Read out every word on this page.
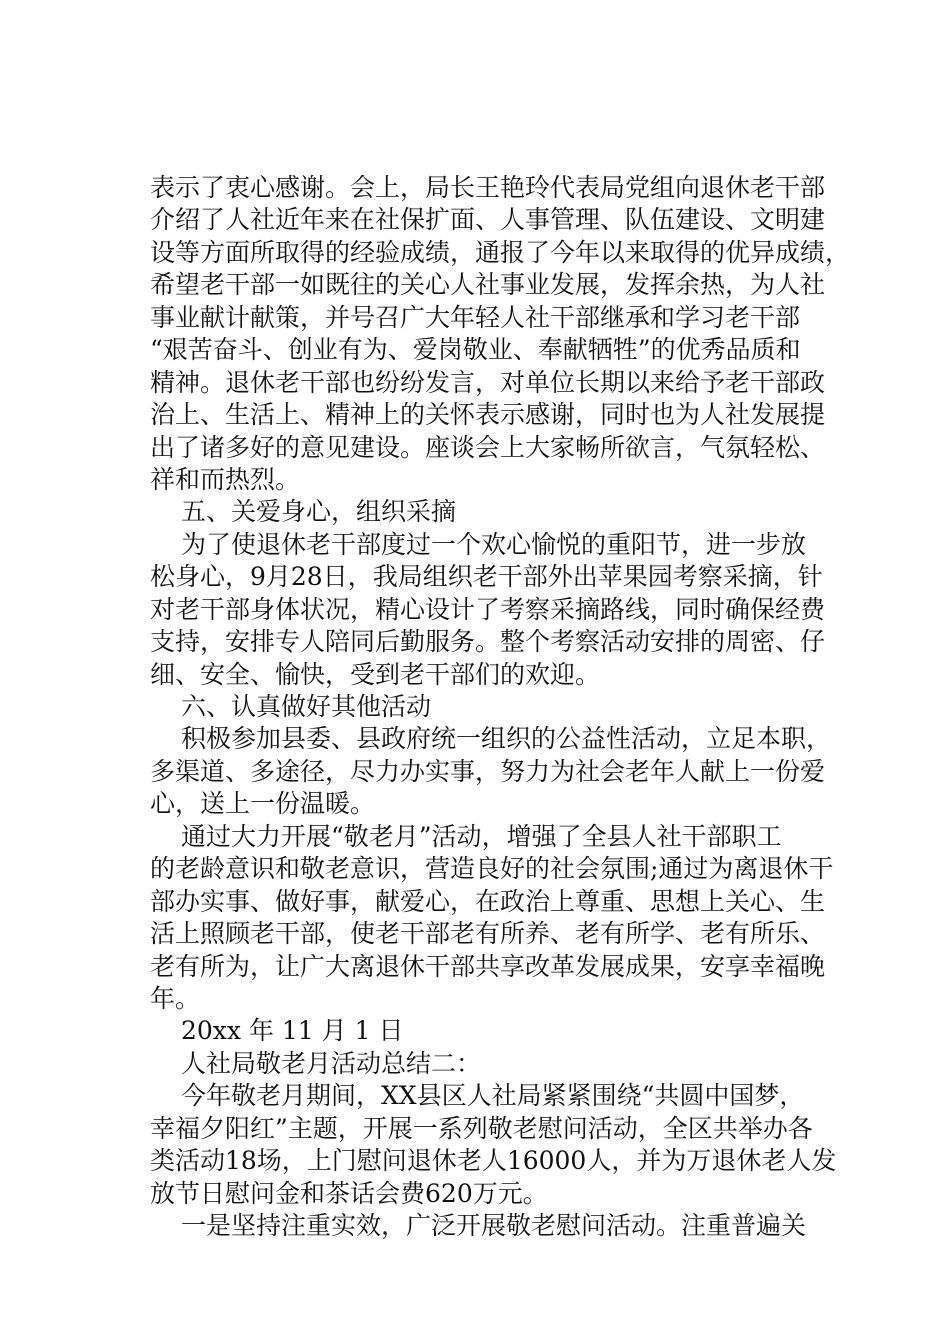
表示了衷心感谢。会上，局长王艳玲代表局党组向退休老干部
介绍了人社近年来在社保扩面、人事管理、队伍建设、文明建
设等方面所取得的经验成绩，通报了今年以来取得的优异成绩，
希望老干部一如既往的关心人社事业发展，发挥余热，为人社
事业献计献策，并号召广大年轻人社干部继承和学习老干部
“艰苦奋斗、创业有为、爱岗敬业、奉献牺牲”的优秀品质和
精神。退休老干部也纷纷发言，对单位长期以来给予老干部政
治上、生活上、精神上的关怀表示感谢，同时也为人社发展提
出了诸多好的意见建设。座谈会上大家畅所欲言，气氛轻松、
祥和而热烈。
五、关爱身心，组织采摘
为了使退休老干部度过一个欢心愉悦的重阳节，进一步放
松身心，9月28日，我局组织老干部外出苹果园考察采摘，针
对老干部身体状况，精心设计了考察采摘路线，同时确保经费
支持，安排专人陪同后勤服务。整个考察活动安排的周密、仔
细、安全、愉快，受到老干部们的欢迎。
六、认真做好其他活动
积极参加县委、县政府统一组织的公益性活动，立足本职，
多渠道、多途径，尽力办实事，努力为社会老年人献上一份爱
心，送上一份温暖。
通过大力开展“敬老月”活动，增强了全县人社干部职工
的老龄意识和敬老意识，营造良好的社会氛围;通过为离退休干
部办实事、做好事，献爱心，在政治上尊重、思想上关心、生
活上照顾老干部，使老干部老有所养、老有所学、老有所乐、
老有所为，让广大离退休干部共享改革发展成果，安享幸福晚
年。
20xx 年 11 月 1 日
人社局敬老月活动总结二：
今年敬老月期间，XX县区人社局紧紧围绕“共圆中国梦，
幸福夕阳红”主题，开展一系列敬老慰问活动，全区共举办各
类活动18场，上门慰问退休老人16000人，并为万退休老人发
放节日慰问金和茶话会费620万元。
一是坚持注重实效，广泛开展敬老慰问活动。注重普遍关
